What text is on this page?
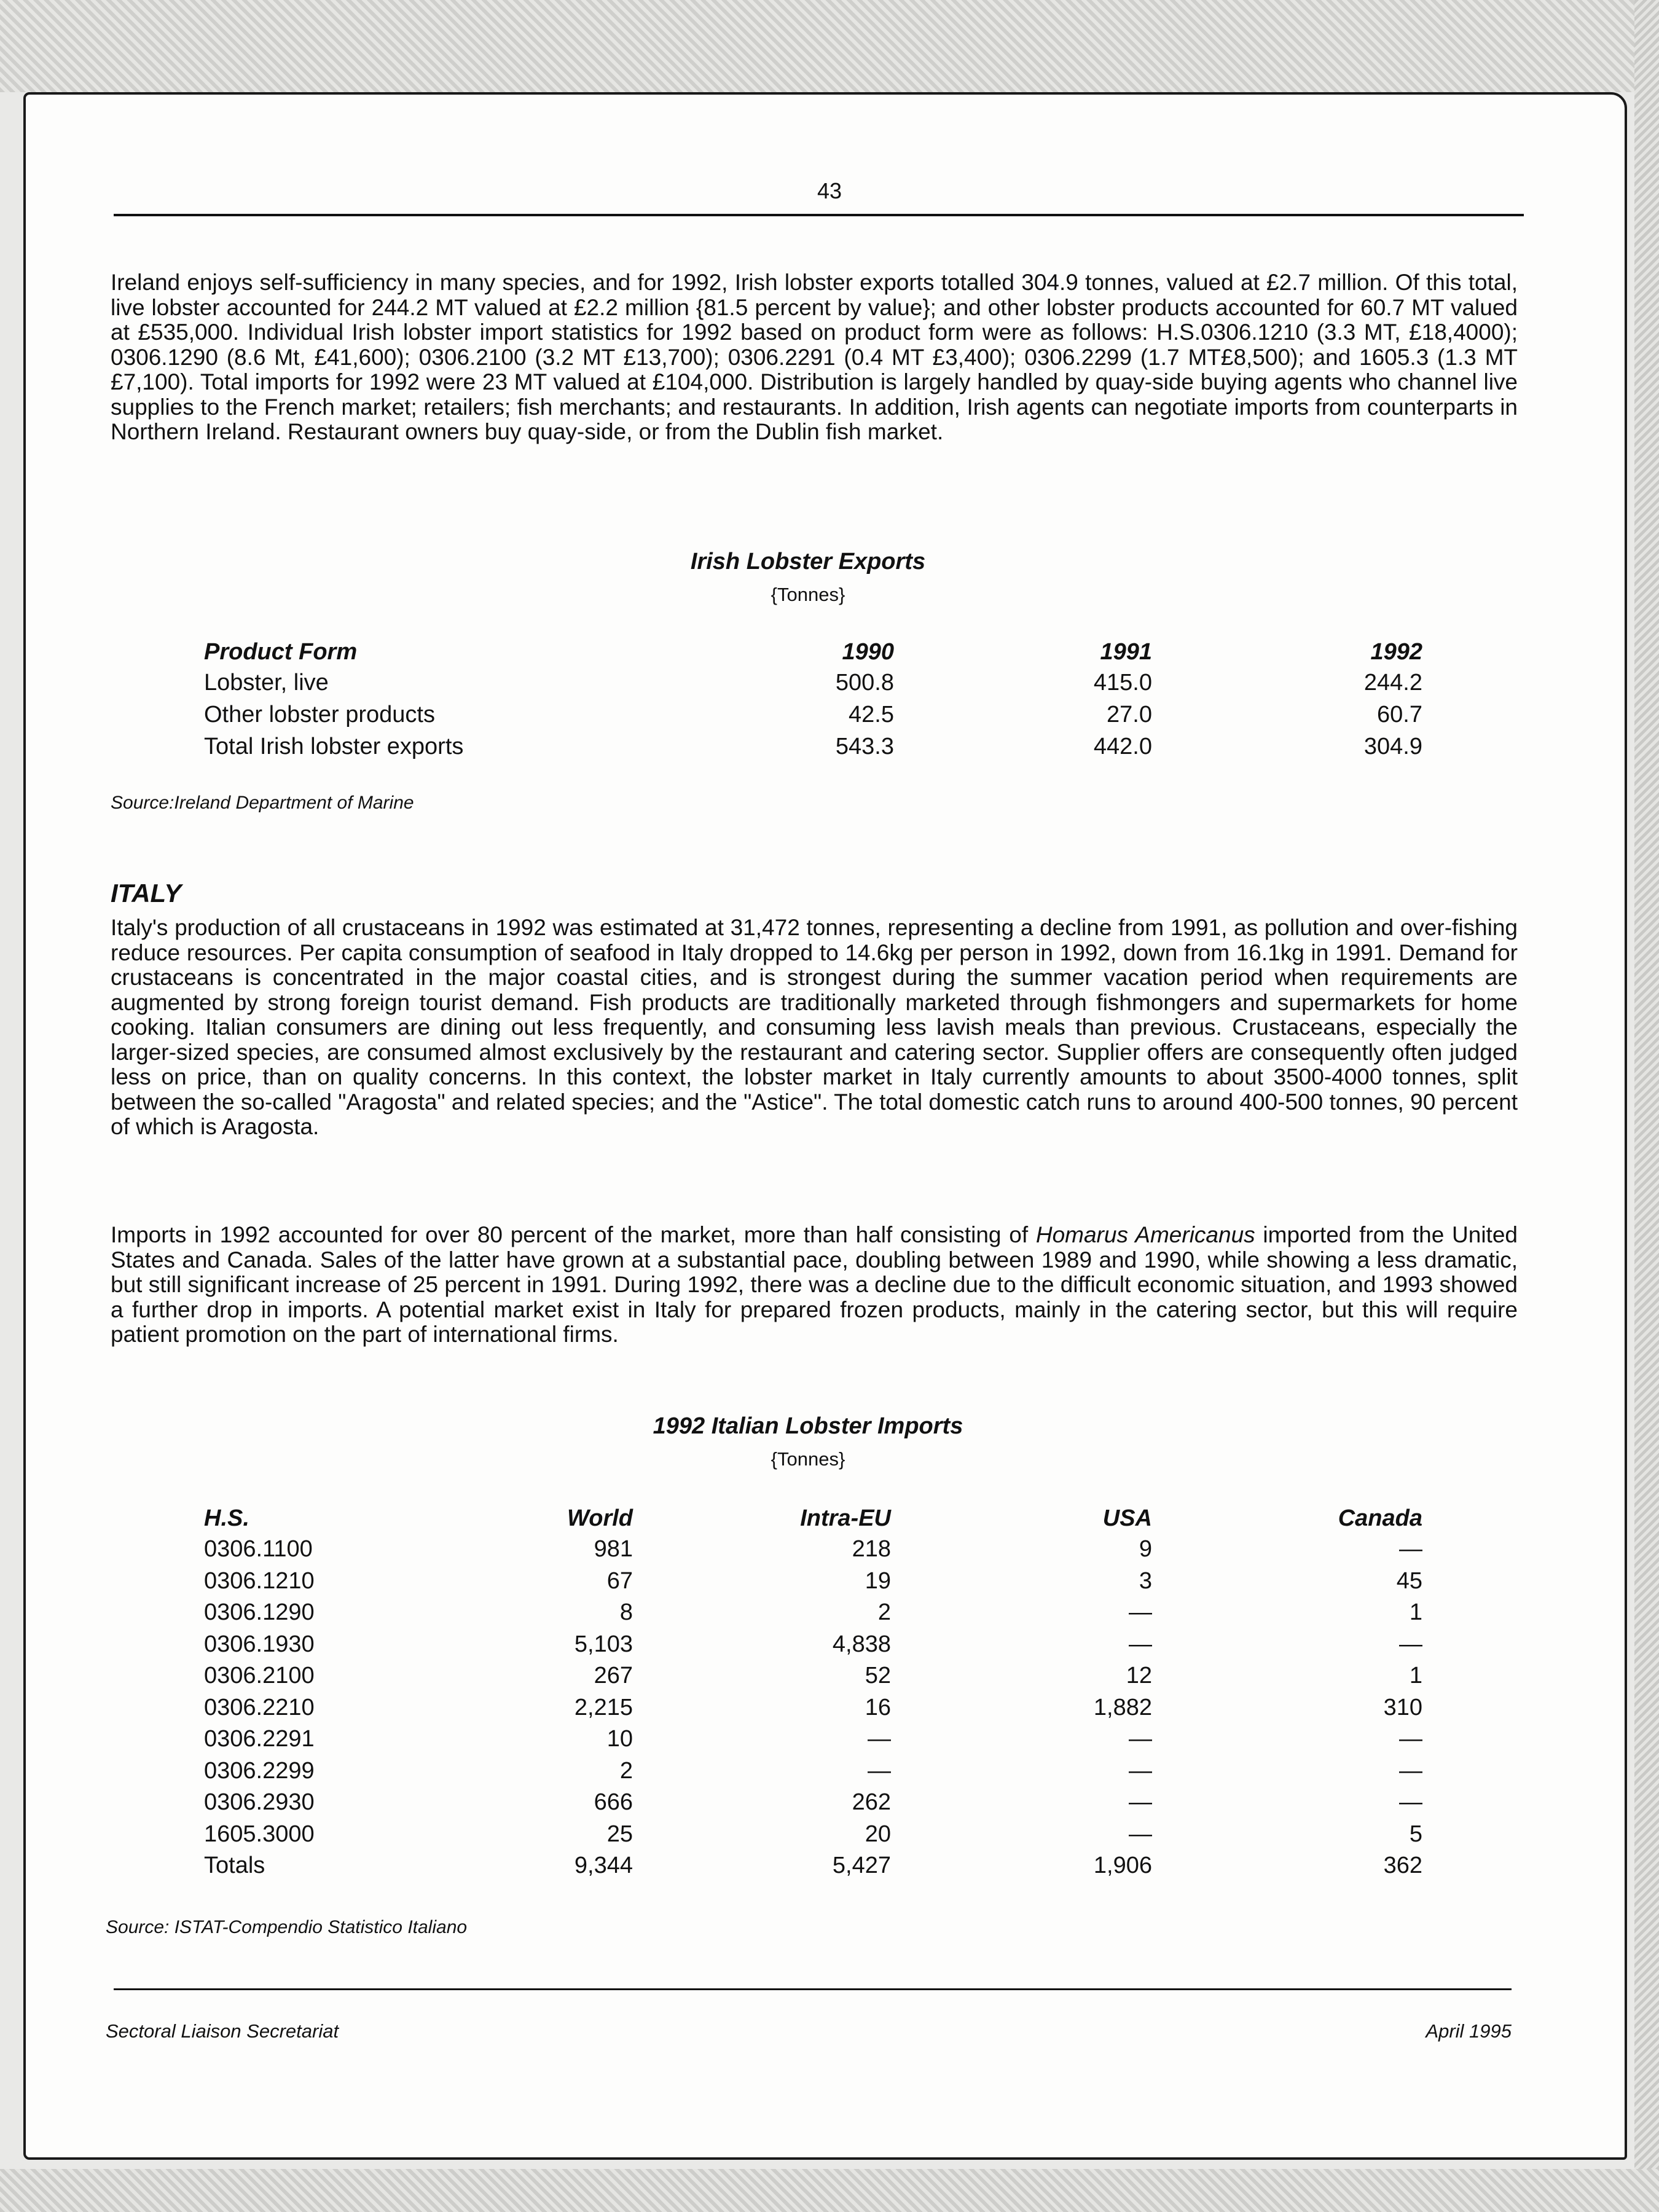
43

Ireland enjoys self-sufficiency in many species, and for 1992, Irish lobster exports totalled 304.9 tonnes, valued at £2.7 million. Of this total, live lobster accounted for 244.2 MT valued at £2.2 million {81.5 percent by value}; and other lobster products accounted for 60.7 MT valued at £535,000. Individual Irish lobster import statistics for 1992 based on product form were as follows: H.S.0306.1210 (3.3 MT, £18,4000); 0306.1290 (8.6 Mt, £41,600); 0306.2100 (3.2 MT £13,700); 0306.2291 (0.4 MT £3,400); 0306.2299 (1.7 MT£8,500); and 1605.3 (1.3 MT £7,100). Total imports for 1992 were 23 MT valued at £104,000. Distribution is largely handled by quay-side buying agents who channel live supplies to the French market; retailers; fish merchants; and restaurants. In addition, Irish agents can negotiate imports from counterparts in Northern Ireland. Restaurant owners buy quay-side, or from the Dublin fish market.

Irish Lobster Exports
{Tonnes}
Product Form	1990	1991	1992
Lobster, live	500.8	415.0	244.2
Other lobster products	42.5	27.0	60.7
Total Irish lobster exports	543.3	442.0	304.9
Source:Ireland Department of Marine
ITALY

Italy's production of all crustaceans in 1992 was estimated at 31,472 tonnes, representing a decline from 1991, as pollution and over-fishing reduce resources. Per capita consumption of seafood in Italy dropped to 14.6kg per person in 1992, down from 16.1kg in 1991. Demand for crustaceans is concentrated in the major coastal cities, and is strongest during the summer vacation period when requirements are augmented by strong foreign tourist demand. Fish products are traditionally marketed through fishmongers and supermarkets for home cooking. Italian consumers are dining out less frequently, and consuming less lavish meals than previous. Crustaceans, especially the larger-sized species, are consumed almost exclusively by the restaurant and catering sector. Supplier offers are consequently often judged less on price, than on quality concerns. In this context, the lobster market in Italy currently amounts to about 3500-4000 tonnes, split between the so-called "Aragosta" and related species; and the "Astice". The total domestic catch runs to around 400-500 tonnes, 90 percent of which is Aragosta.

Imports in 1992 accounted for over 80 percent of the market, more than half consisting of Homarus Americanus imported from the United States and Canada. Sales of the latter have grown at a substantial pace, doubling between 1989 and 1990, while showing a less dramatic, but still significant increase of 25 percent in 1991. During 1992, there was a decline due to the difficult economic situation, and 1993 showed a further drop in imports. A potential market exist in Italy for prepared frozen products, mainly in the catering sector, but this will require patient promotion on the part of international firms.

1992 Italian Lobster Imports
{Tonnes}
H.S.	World	Intra-EU	USA	Canada
0306.1100	981	218	9	—
0306.1210	67	19	3	45
0306.1290	8	2	—	1
0306.1930	5,103	4,838	—	—
0306.2100	267	52	12	1
0306.2210	2,215	16	1,882	310
0306.2291	10	—	—	—
0306.2299	2	—	—	—
0306.2930	666	262	—	—
1605.3000	25	20	—	5
Totals	9,344	5,427	1,906	362
Source: ISTAT-Compendio Statistico Italiano
Sectoral Liaison Secretariat	April 1995
